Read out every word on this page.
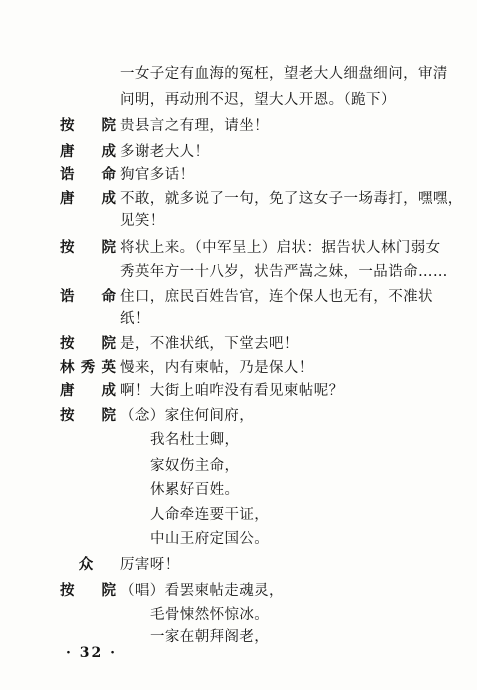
一女子定有血海的冤枉，望老大人细盘细问，审清
问明，再动刑不迟，望大人开恩。（跪下）
按 院 贵县言之有理，请坐！
唐 成 多谢老大人！
诰 命 狗官多话！
唐 成 不敢，就多说了一句，免了这女子一场毒打，嘿嘿，
见笑！
按 院 将状上来。（中军呈上）启状：据告状人林门弱女
秀英年方一十八岁，状告严嵩之妹，一品诰命……
诰 命 住口，庶民百姓告官，连个保人也无有，不准状
纸！
按 院 是，不准状纸，下堂去吧！
林 秀 英 慢来，内有柬帖，乃是保人！
唐 成 啊！大街上咱咋没有看见柬帖呢？
按 院 （念）家住何间府，
我名杜士卿，
家奴伤主命，
休累好百姓。
人命牵连要干证，
中山王府定国公。
众	厉害呀！
按 院 （唱）看罢柬帖走魂灵，
毛骨悚然怀惊冰。
一家在朝拜阁老，
· 32 ·
